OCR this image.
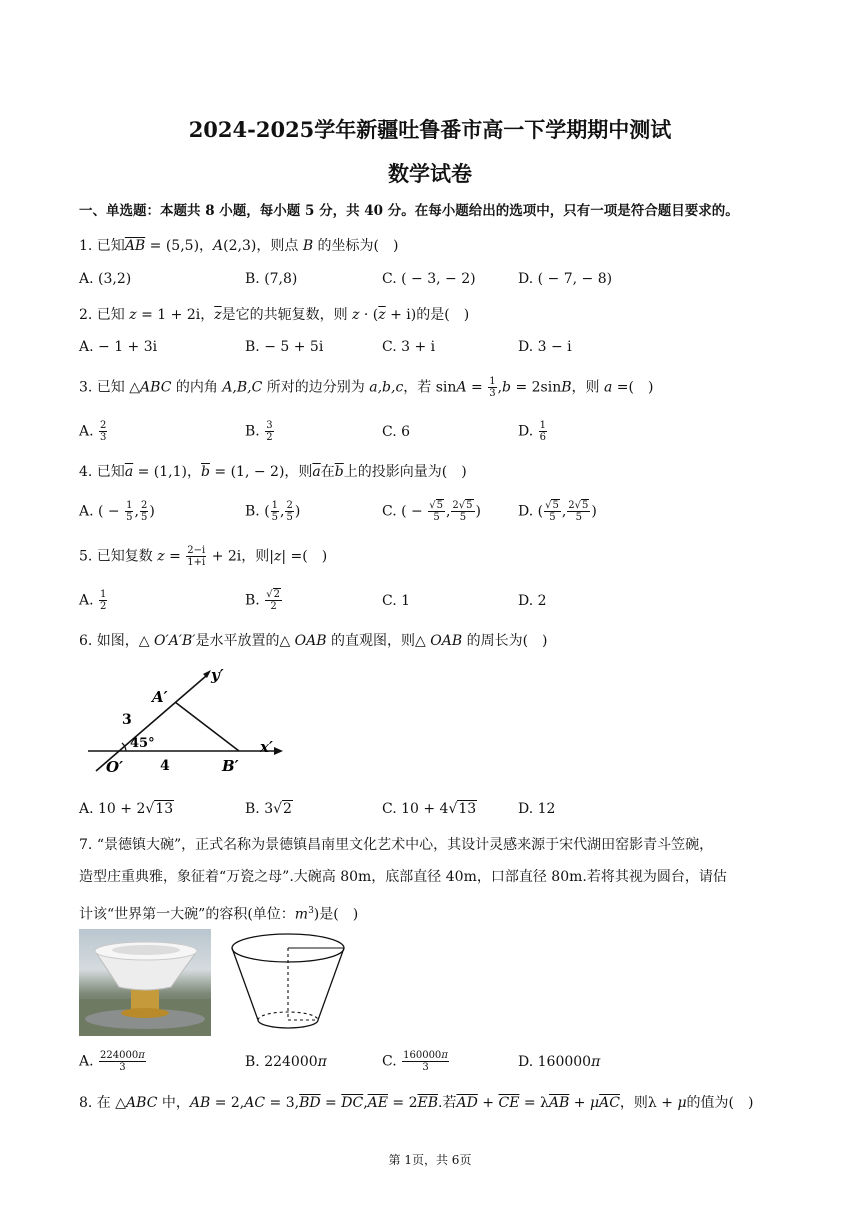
2024-2025学年新疆吐鲁番市高一下学期期中测试
数学试卷
一、单选题：本题共 8 小题，每小题 5 分，共 40 分。在每小题给出的选项中，只有一项是符合题目要求的。
1. 已知$\overline{AB} = (5,5)$，A(2,3)，则点 B 的坐标为(　)
A. (3,2)	B. (7,8)	C. ( − 3, − 2)	D. ( − 7, − 8)
2. 已知 z = 1 + 2i，$\overline{z}$是它的共轭复数，则 $z \cdot (\overline{z} + i)$的是(　)
A. − 1 + 3i	B. − 5 + 5i	C. 3 + i	D. 3 − i
3. 已知 △ABC 的内角 A,B,C 所对的边分别为 a,b,c，若 $\sin A = \frac{1}{3} ,b = 2\sin B$，则 a =(　)
A. $\frac{2}{3}$	B. $\frac{3}{2}$	C. 6	D. $\frac{1}{6}$
4. 已知$\overline{a} = (1,1)$，$\overline{b} = (1$, − 2)，则$\overline{a}$在$\overline{b}$上的投影向量为(　)
A. ( − $\frac{1}{5}$ , $\frac{2}{5}$ )	B. ( $\frac{1}{5}$ , $\frac{2}{5}$ )	C. ( − $\frac{√5}{5}$ , $\frac{2√5}{5}$ )	D. ( $\frac{√5}{5}$ , $\frac{2√5}{5}$ )
5. 已知复数 $z = \frac{2-i}{1+i} + 2i$，则|z| =(　)
A. $\frac{1}{2}$	B. $\frac{√2}{2}$	C. 1	D. 2
6. 如图，△ O′A′B′是水平放置的△ OAB 的直观图，则△ OAB 的周长为(　)
y′
x′
A′
B′
O′
3
4
45°
A. 10 + 2√13	B. 3√2	C. 10 + 4√13	D. 12
7. “景德镇大碗”，正式名称为景德镇昌南里文化艺术中心，其设计灵感来源于宋代湖田窑影青斗笠碗，
造型庄重典雅，象征着“万瓷之母”.大碗高 80m，底部直径 40m，口部直径 80m.若将其视为圆台，请估
计该“世界第一大碗”的容积(单位：$m^3$)是(　)
A. $\frac{224000\pi}{3}$	B. 224000π	C. $\frac{160000\pi}{3}$	D. 160000π
8. 在 △ABC 中，AB = $2,AC = 3,\overline{BD} = \overline{DC},\overline{AE} = 2\overline{EB}$.若$\overline{AD} + \overline{CE} = \lambda\overline{AB} + \mu\overline{AC}$，则λ + μ的值为(　)
第 1页，共 6页
